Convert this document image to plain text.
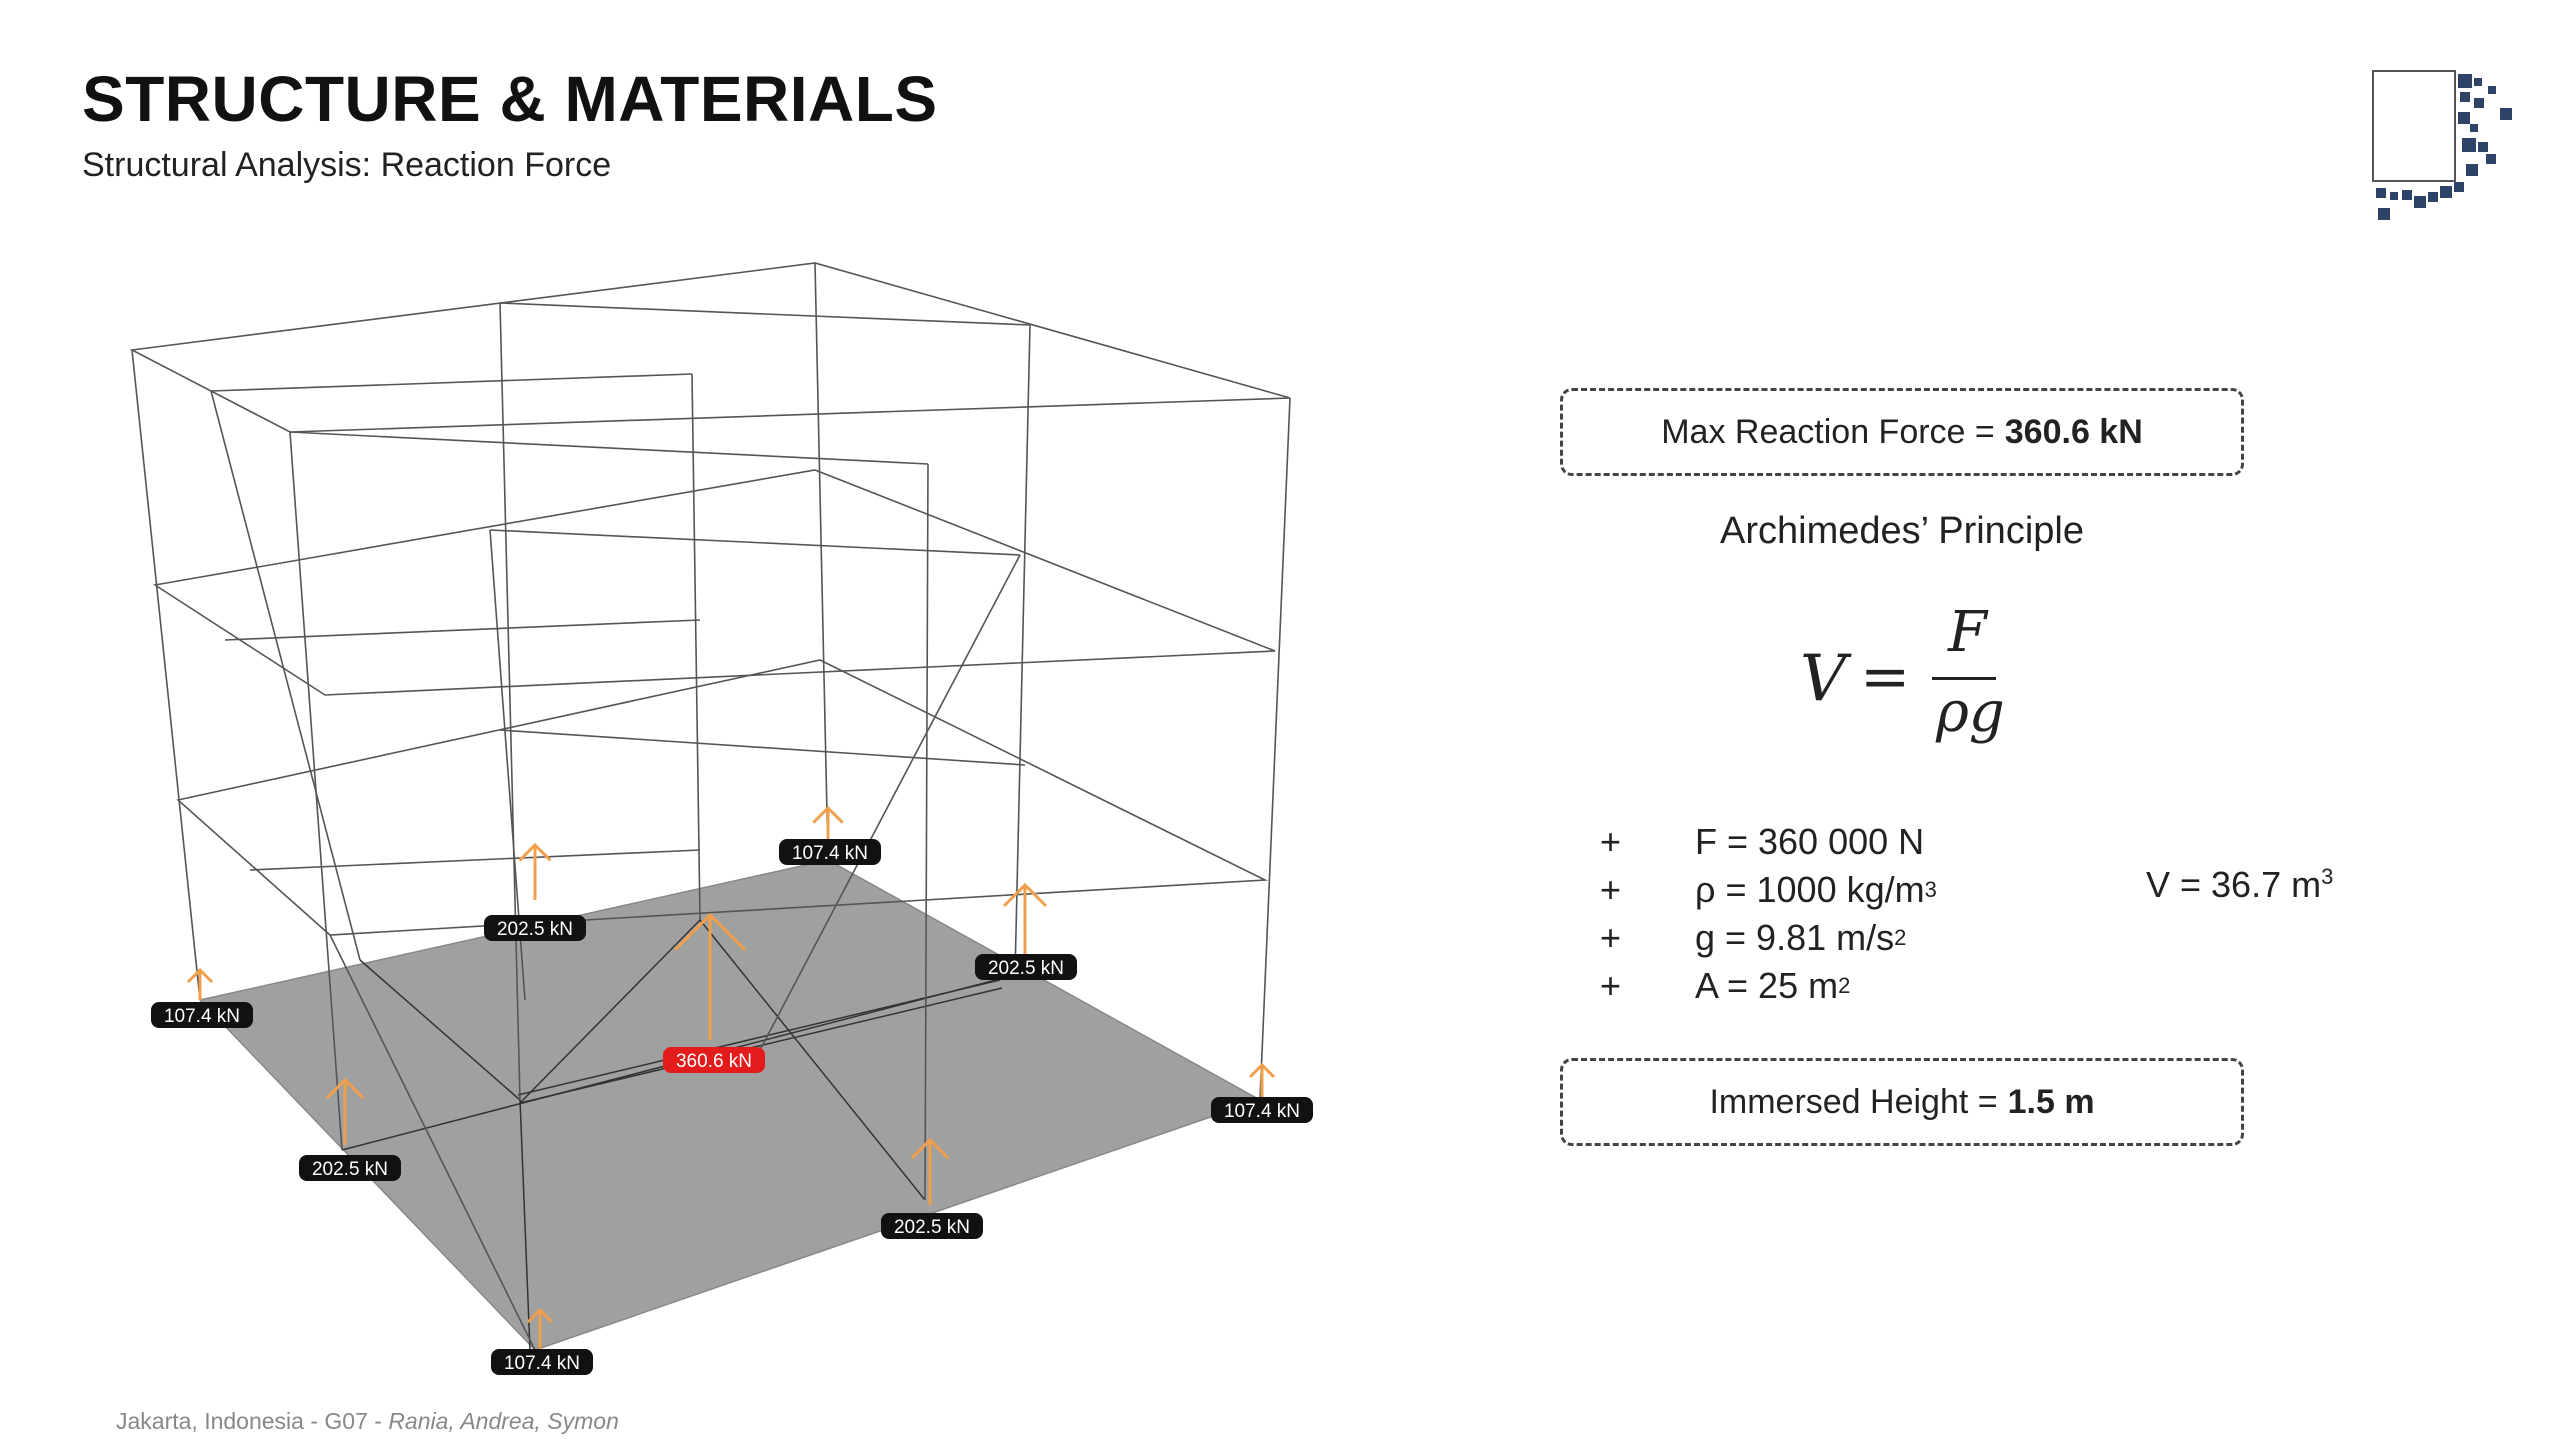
STRUCTURE & MATERIALS
Structural Analysis: Reaction Force
107.4 kN
202.5 kN
107.4 kN
202.5 kN
360.6 kN
202.5 kN
107.4 kN
202.5 kN
107.4 kN
Max Reaction Force = 360.6 kN
Archimedes’ Principle
V =
F
ρg
+	F = 360 000 N
+	ρ = 1000 kg/m 3
+	g = 9.81 m/s 2
+	A = 25 m 2
V = 36.7 $m^3$
Immersed Height = 1.5 m
Jakarta, Indonesia - G07 - Rania, Andrea, Symon
